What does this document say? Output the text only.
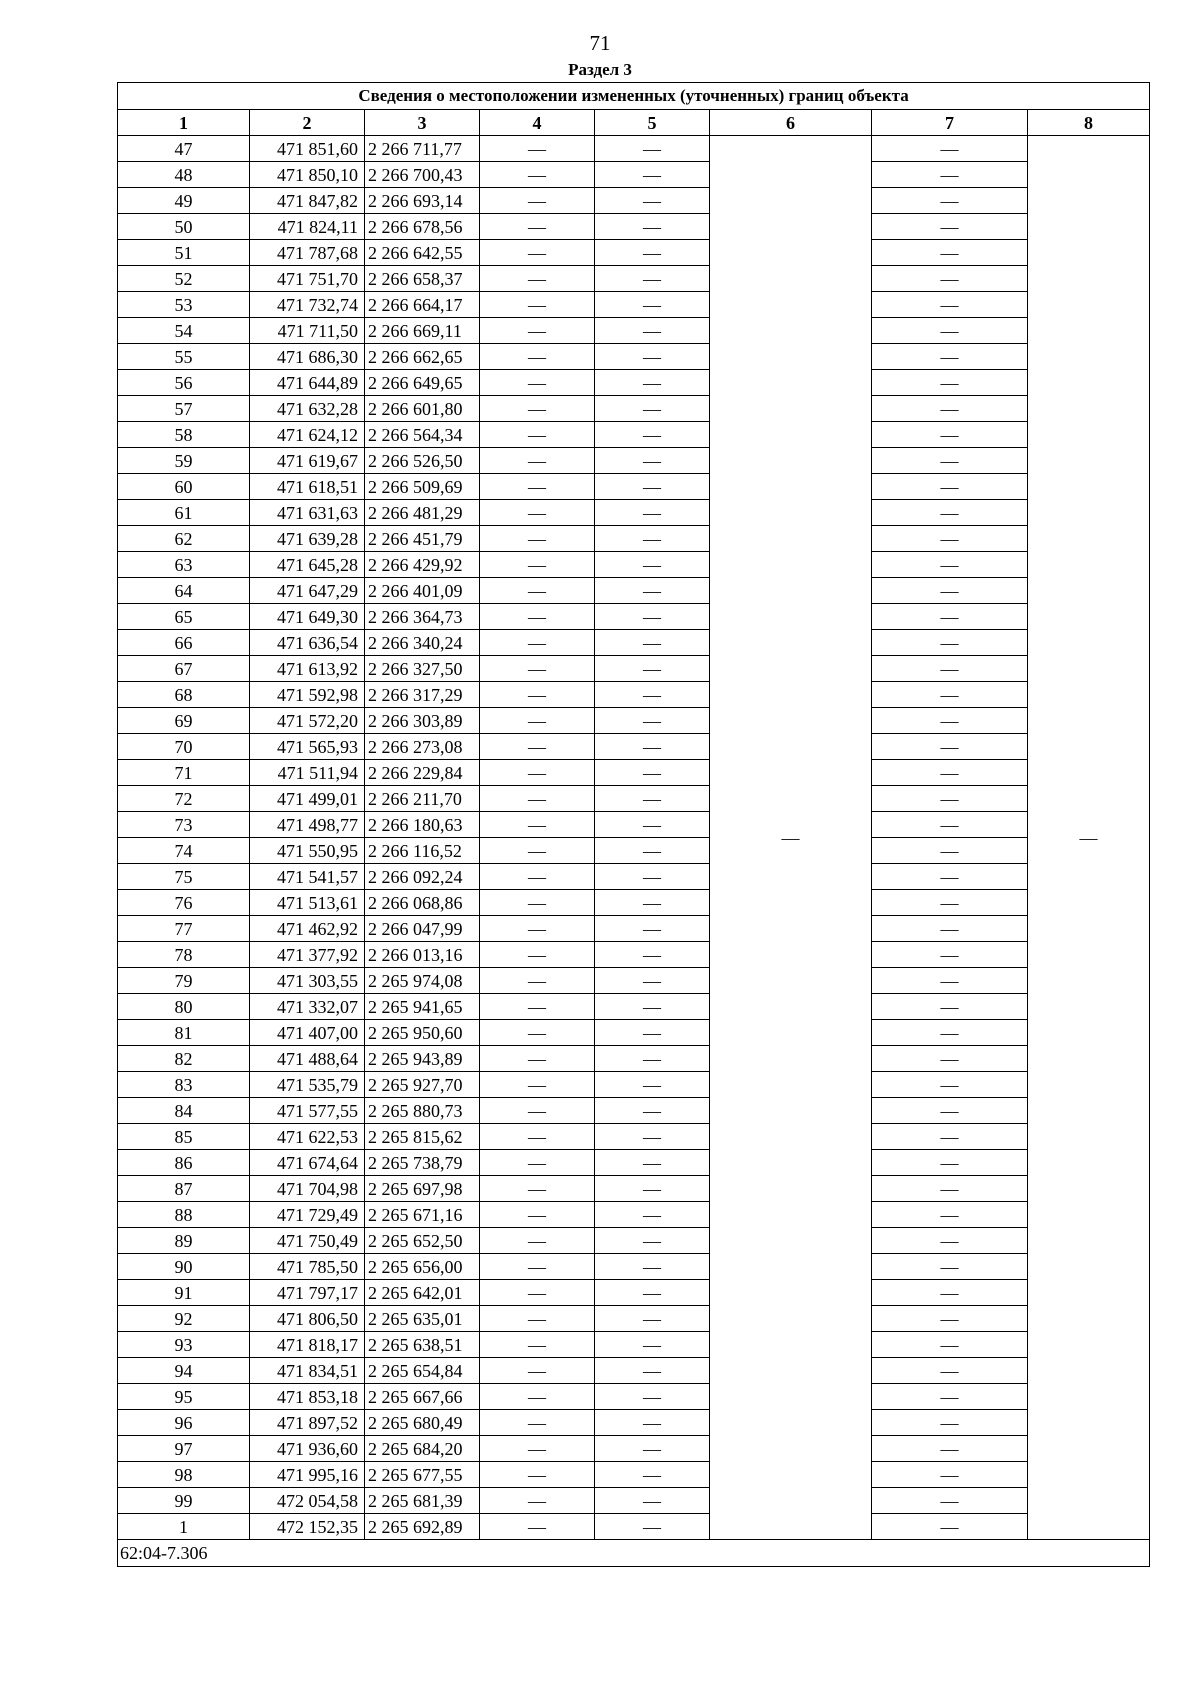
71
Раздел 3
Сведения о местоположении измененных (уточненных) границ объекта							
1	2	3	4	5	6	7	8
47	471 851,60	2 266 711,77	—	—	—	—	—
48	471 850,10	2 266 700,43	—	—		—	
49	471 847,82	2 266 693,14	—	—		—	
50	471 824,11	2 266 678,56	—	—		—	
51	471 787,68	2 266 642,55	—	—		—	
52	471 751,70	2 266 658,37	—	—		—	
53	471 732,74	2 266 664,17	—	—		—	
54	471 711,50	2 266 669,11	—	—		—	
55	471 686,30	2 266 662,65	—	—		—	
56	471 644,89	2 266 649,65	—	—		—	
57	471 632,28	2 266 601,80	—	—		—	
58	471 624,12	2 266 564,34	—	—		—	
59	471 619,67	2 266 526,50	—	—		—	
60	471 618,51	2 266 509,69	—	—		—	
61	471 631,63	2 266 481,29	—	—		—	
62	471 639,28	2 266 451,79	—	—		—	
63	471 645,28	2 266 429,92	—	—		—	
64	471 647,29	2 266 401,09	—	—		—	
65	471 649,30	2 266 364,73	—	—		—	
66	471 636,54	2 266 340,24	—	—		—	
67	471 613,92	2 266 327,50	—	—		—	
68	471 592,98	2 266 317,29	—	—		—	
69	471 572,20	2 266 303,89	—	—		—	
70	471 565,93	2 266 273,08	—	—		—	
71	471 511,94	2 266 229,84	—	—		—	
72	471 499,01	2 266 211,70	—	—		—	
73	471 498,77	2 266 180,63	—	—		—	
74	471 550,95	2 266 116,52	—	—		—	
75	471 541,57	2 266 092,24	—	—		—	
76	471 513,61	2 266 068,86	—	—		—	
77	471 462,92	2 266 047,99	—	—		—	
78	471 377,92	2 266 013,16	—	—		—	
79	471 303,55	2 265 974,08	—	—		—	
80	471 332,07	2 265 941,65	—	—		—	
81	471 407,00	2 265 950,60	—	—		—	
82	471 488,64	2 265 943,89	—	—		—	
83	471 535,79	2 265 927,70	—	—		—	
84	471 577,55	2 265 880,73	—	—		—	
85	471 622,53	2 265 815,62	—	—		—	
86	471 674,64	2 265 738,79	—	—		—	
87	471 704,98	2 265 697,98	—	—		—	
88	471 729,49	2 265 671,16	—	—		—	
89	471 750,49	2 265 652,50	—	—		—	
90	471 785,50	2 265 656,00	—	—		—	
91	471 797,17	2 265 642,01	—	—		—	
92	471 806,50	2 265 635,01	—	—		—	
93	471 818,17	2 265 638,51	—	—		—	
94	471 834,51	2 265 654,84	—	—		—	
95	471 853,18	2 265 667,66	—	—		—	
96	471 897,52	2 265 680,49	—	—		—	
97	471 936,60	2 265 684,20	—	—		—	
98	471 995,16	2 265 677,55	—	—		—	
99	472 054,58	2 265 681,39	—	—		—	
1	472 152,35	2 265 692,89	—	—		—	
62:04-7.306							
